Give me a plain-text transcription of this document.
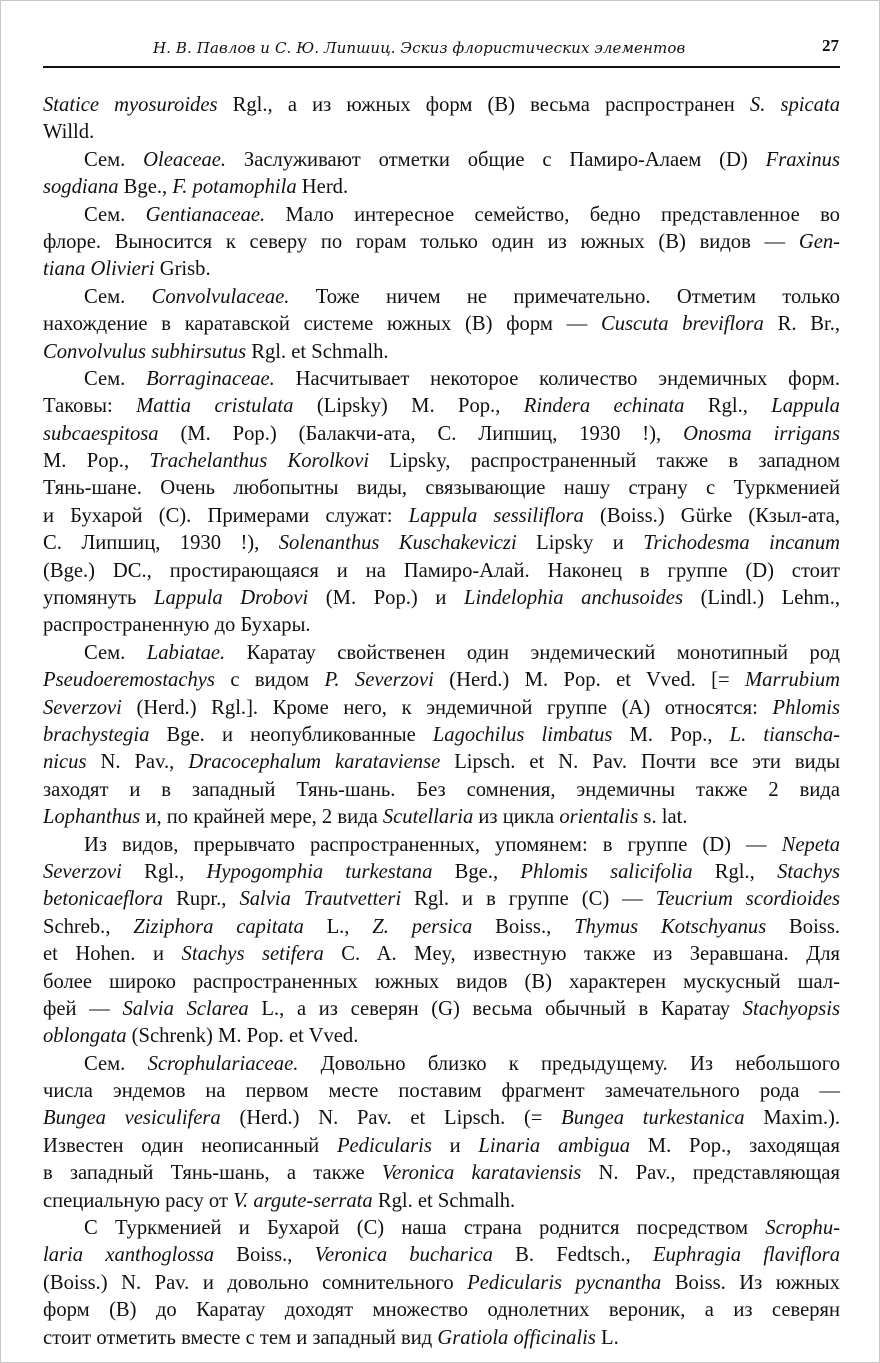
Н. В. Павлов и С. Ю. Липшиц. Эскиз флористических элементов	27
Statice myosuroides Rgl., а из южных форм (B) весьма распространен S. spicata
Willd.
Сем. Oleaceae. Заслуживают отметки общие с Памиро-Алаем (D) Fraxinus
sogdiana Bge., F. potamophila Herd.
Сем. Gentianaceae. Мало интересное семейство, бедно представленное во
флоре. Выносится к северу по горам только один из южных (B) видов — Gen-
tiana Olivieri Grisb.
Сем. Convolvulaceae. Тоже ничем не примечательно. Отметим только
нахождение в каратавской системе южных (B) форм — Cuscuta breviflora R. Br.,
Convolvulus subhirsutus Rgl. et Schmalh.
Сем. Borraginaceae. Насчитывает некоторое количество эндемичных форм.
Таковы: Mattia cristulata (Lipsky) M. Pop., Rindera echinata Rgl., Lappula
subcaespitosa (M. Pop.) (Балакчи-ата, С. Липшиц, 1930 !), Onosma irrigans
M. Pop., Trachelanthus Korolkovi Lipsky, распространенный также в западном
Тянь-шане. Очень любопытны виды, связывающие нашу страну с Туркменией
и Бухарой (C). Примерами служат: Lappula sessiliflora (Boiss.) Gürke (Кзыл-ата,
С. Липшиц, 1930 !), Solenanthus Kuschakeviczi Lipsky и Trichodesma incanum
(Bge.) DC., простирающаяся и на Памиро-Алай. Наконец в группе (D) стоит
упомянуть Lappula Drobovi (M. Pop.) и Lindelophia anchusoides (Lindl.) Lehm.,
распространенную до Бухары.
Сем. Labiatae. Каратау свойственен один эндемический монотипный род
Pseudoeremostachys с видом P. Severzovi (Herd.) M. Pop. et Vved. [= Marrubium
Severzovi (Herd.) Rgl.]. Кроме него, к эндемичной группе (A) относятся: Phlomis
brachystegia Bge. и неопубликованные Lagochilus limbatus M. Pop., L. tianscha-
nicus N. Pav., Dracocephalum karataviense Lipsch. et N. Pav. Почти все эти виды
заходят и в западный Тянь-шань. Без сомнения, эндемичны также 2 вида
Lophanthus и, по крайней мере, 2 вида Scutellaria из цикла orientalis s. lat.
Из видов, прерывчато распространенных, упомянем: в группе (D) — Nepeta
Severzovi Rgl., Hypogomphia turkestana Bge., Phlomis salicifolia Rgl., Stachys
betonicaeflora Rupr., Salvia Trautvetteri Rgl. и в группе (C) — Teucrium scordioides
Schreb., Ziziphora capitata L., Z. persica Boiss., Thymus Kotschyanus Boiss.
et Hohen. и Stachys setifera C. A. Mey, известную также из Зеравшана. Для
более широко распространенных южных видов (B) характерен мускусный шал-
фей — Salvia Sclarea L., а из северян (G) весьма обычный в Каратау Stachyopsis
oblongata (Schrenk) M. Pop. et Vved.
Сем. Scrophulariaceae. Довольно близко к предыдущему. Из небольшого
числа эндемов на первом месте поставим фрагмент замечательного рода —
Bungea vesiculifera (Herd.) N. Pav. et Lipsch. (= Bungea turkestanica Maxim.).
Известен один неописанный Pedicularis и Linaria ambigua M. Pop., заходящая
в западный Тянь-шань, а также Veronica karataviensis N. Pav., представляющая
специальную расу от V. argute-serrata Rgl. et Schmalh.
С Туркменией и Бухарой (C) наша страна роднится посредством Scrophu-
laria xanthoglossa Boiss., Veronica bucharica B. Fedtsch., Euphragia flaviflora
(Boiss.) N. Pav. и довольно сомнительного Pedicularis pycnantha Boiss. Из южных
форм (B) до Каратау доходят множество однолетних вероник, а из северян
стоит отметить вместе с тем и западный вид Gratiola officinalis L.
